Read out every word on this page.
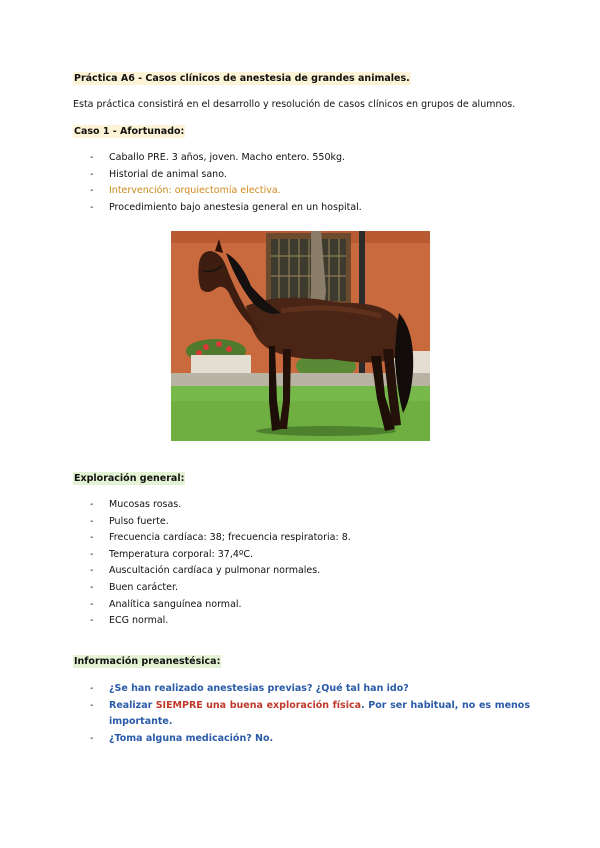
Práctica A6 - Casos clínicos de anestesia de grandes animales.
Esta práctica consistirá en el desarrollo y resolución de casos clínicos en grupos de alumnos.
Caso 1 - Afortunado:
- Caballo PRE. 3 años, joven. Macho entero. 550kg.
- Historial de animal sano.
- Intervención: orquiectomía electiva.
- Procedimiento bajo anestesia general en un hospital.
Exploración general:
- Mucosas rosas.
- Pulso fuerte.
- Frecuencia cardíaca: 38; frecuencia respiratoria: 8.
- Temperatura corporal: 37,4ºC.
- Auscultación cardíaca y pulmonar normales.
- Buen carácter.
- Analítica sanguínea normal.
- ECG normal.
Información preanestésica:
- ¿Se han realizado anestesias previas? ¿Qué tal han ido?
- Realizar SIEMPRE una buena exploración física. Por ser habitual, no es menos importante.
- ¿Toma alguna medicación? No.
